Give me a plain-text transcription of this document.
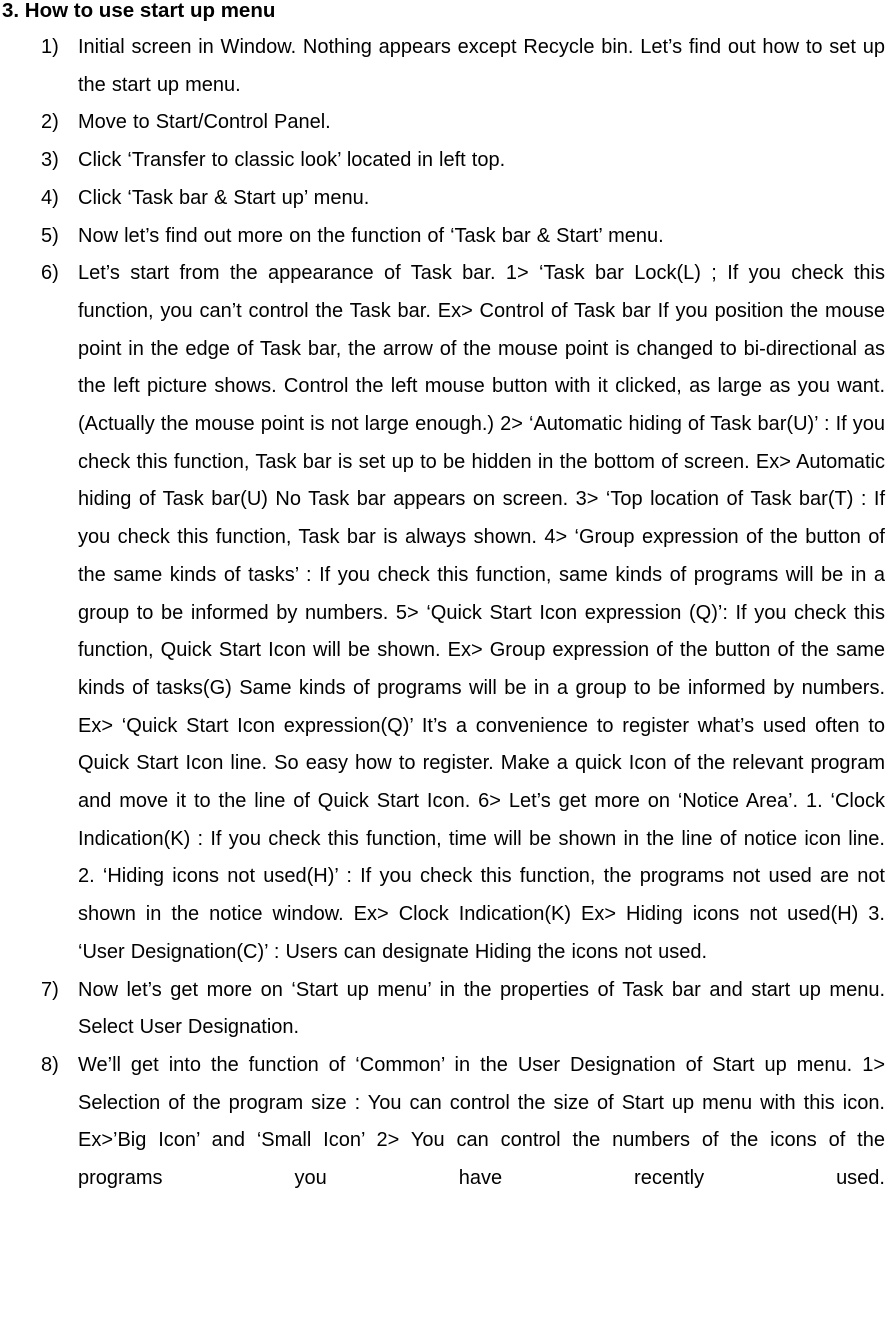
3. How to use start up menu
1) Initial screen in Window. Nothing appears except Recycle bin. Let’s find out how to set up the start up menu.
2) Move to Start/Control Panel.
3) Click ‘Transfer to classic look’ located in left top.
4) Click ‘Task bar & Start up’ menu.
5) Now let’s find out more on the function of ‘Task bar & Start’ menu.
6) Let’s start from the appearance of Task bar. 1> ‘Task bar Lock(L) ; If you check this function, you can’t control the Task bar. Ex> Control of Task bar If you position the mouse point in the edge of Task bar, the arrow of the mouse point is changed to bi-directional as the left picture shows. Control the left mouse button with it clicked, as large as you want. (Actually the mouse point is not large enough.) 2> ‘Automatic hiding of Task bar(U)’ : If you check this function, Task bar is set up to be hidden in the bottom of screen. Ex> Automatic hiding of Task bar(U) No Task bar appears on screen. 3> ‘Top location of Task bar(T) : If you check this function, Task bar is always shown. 4> ‘Group expression of the button of the same kinds of tasks’ : If you check this function, same kinds of programs will be in a group to be informed by numbers. 5> ‘Quick Start Icon expression (Q)’: If you check this function, Quick Start Icon will be shown. Ex> Group expression of the button of the same kinds of tasks(G) Same kinds of programs will be in a group to be informed by numbers. Ex> ‘Quick Start Icon expression(Q)’ It’s a convenience to register what’s used often to Quick Start Icon line. So easy how to register. Make a quick Icon of the relevant program and move it to the line of Quick Start Icon. 6> Let’s get more on ‘Notice Area’. 1. ‘Clock Indication(K) : If you check this function, time will be shown in the line of notice icon line. 2. ‘Hiding icons not used(H)’ : If you check this function, the programs not used are not shown in the notice window. Ex> Clock Indication(K) Ex> Hiding icons not used(H) 3. ‘User Designation(C)’ : Users can designate Hiding the icons not used.
7) Now let’s get more on ‘Start up menu’ in the properties of Task bar and start up menu. Select User Designation.
8) We’ll get into the function of ‘Common’ in the User Designation of Start up menu. 1> Selection of the program size : You can control the size of Start up menu with this icon. Ex>’Big Icon’ and ‘Small Icon’ 2> You can control the numbers of the icons of the programs you have recently used.
